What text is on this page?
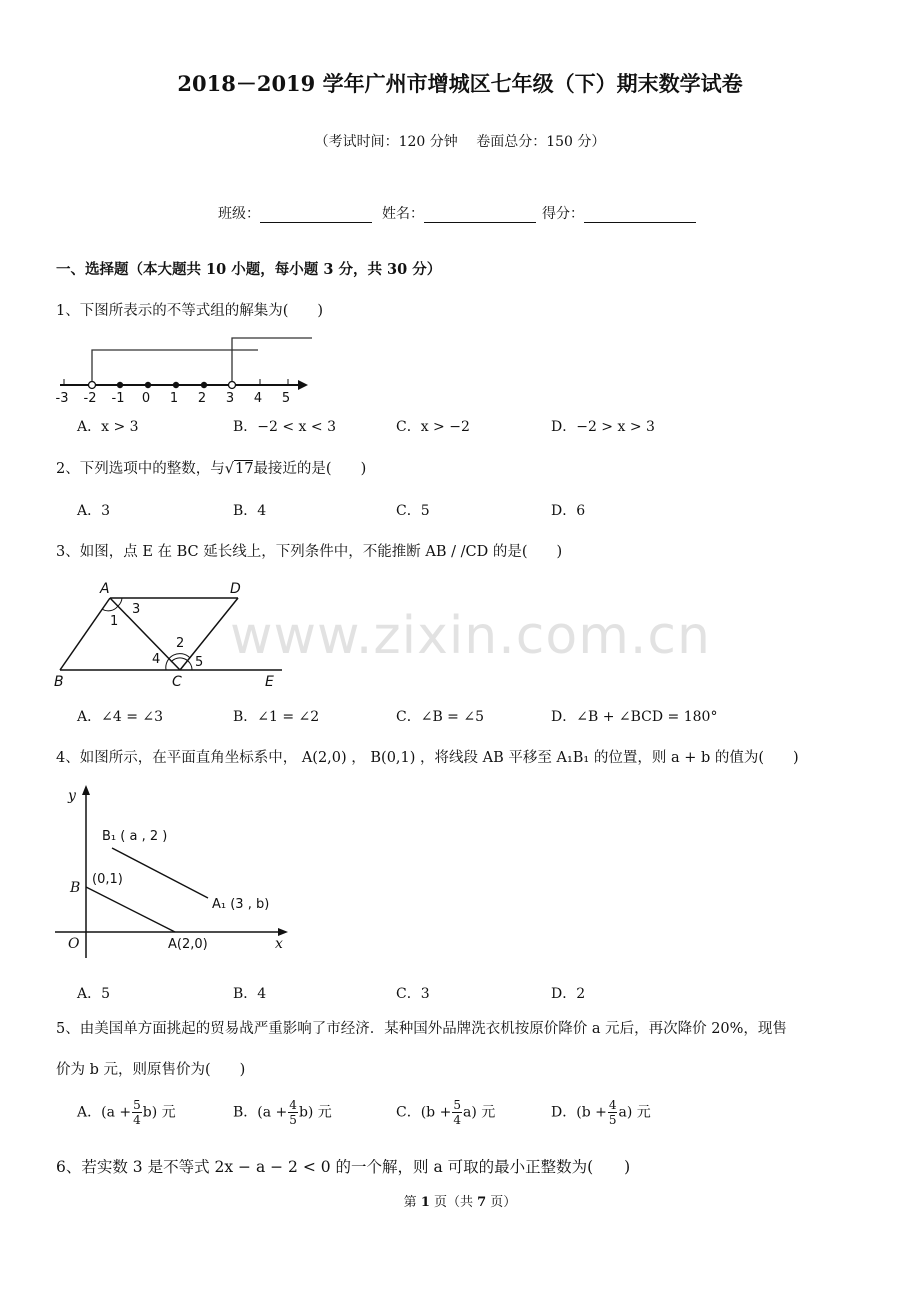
2018－2019 学年广州市增城区七年级（下）期末数学试卷
（考试时间：120 分钟　 卷面总分：150 分）
班级：	姓名：	得分：
一、选择题（本大题共 10 小题，每小题 3 分，共 30 分）
1、下图所表示的不等式组的解集为(　　)
-3 -2 -1 0 1 2 3 4 5
A．x > 3	B．−2 < x < 3	C．x > −2	D．−2 > x > 3
2、下列选项中的整数，与√17最接近的是(　　)
A．3	B．4	C．5	D．6
3、如图，点 E 在 BC 延长线上，下列条件中，不能推断 AB / /CD 的是(　　)
A	D
B	C	E
1
3
2
4	5
A．∠4 = ∠3	B．∠1 = ∠2	C．∠B = ∠5	D．∠B + ∠BCD = 180°
4、如图所示，在平面直角坐标系中， A(2,0) ， B(0,1) ，将线段 AB 平移至 A₁B₁ 的位置，则 a + b 的值为(　　)
y
x
O
B
(0,1)
A(2,0)
B₁ ( a , 2 )
A₁ (3 , b)
A．5	B．4	C．3	D．2
5、由美国单方面挑起的贸易战严重影响了市经济．某种国外品牌洗衣机按原价降价 a 元后，再次降价 20%，现售
价为 b 元，则原售价为(　　)
A．$(a + \frac{5}{4} b)$ 元	B．$(a + \frac{4}{5} b)$ 元	C．$(b + \frac{5}{4} a)$ 元	D．$(b + \frac{4}{5} a)$ 元
6、若实数 3 是不等式 2x − a − 2 < 0 的一个解，则 a 可取的最小正整数为(　　)
第 1 页（共 7 页）
www.zixin.com.cn
